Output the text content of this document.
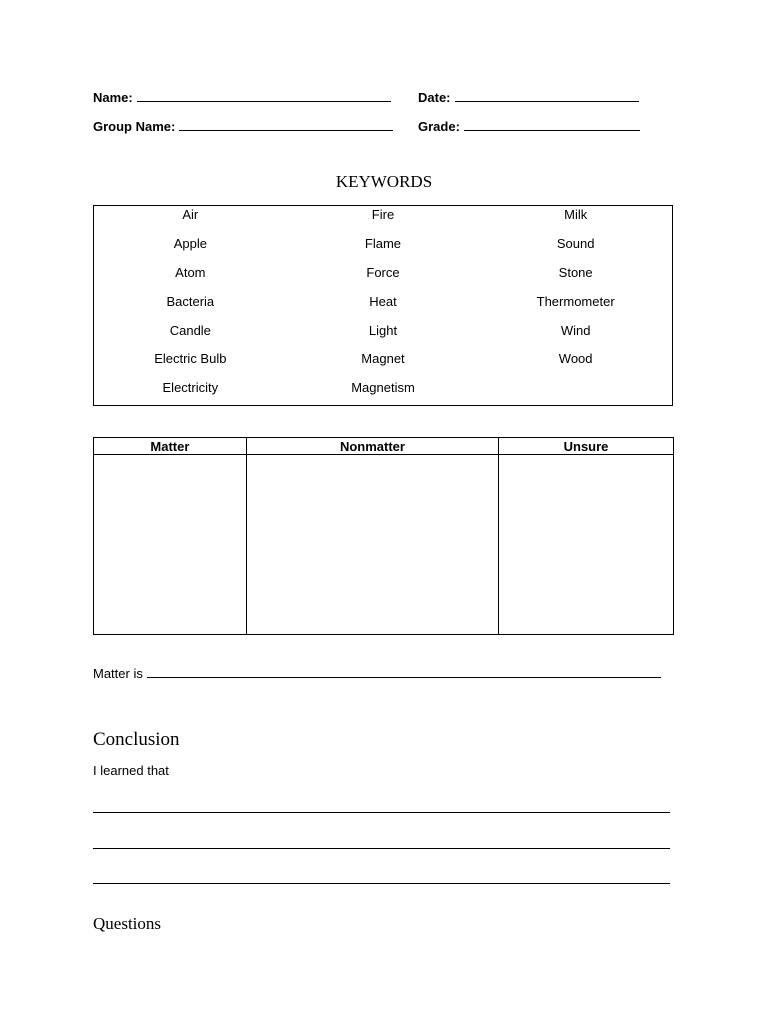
Name:	Date:
Group Name:	Grade:
KEYWORDS
Air	Fire	Milk
Apple	Flame	Sound
Atom	Force	Stone
Bacteria	Heat	Thermometer
Candle	Light	Wind
Electric Bulb	Magnet	Wood
Electricity	Magnetism
Matter	Nonmatter	Unsure

Matter is
Conclusion
I learned that
Questions
